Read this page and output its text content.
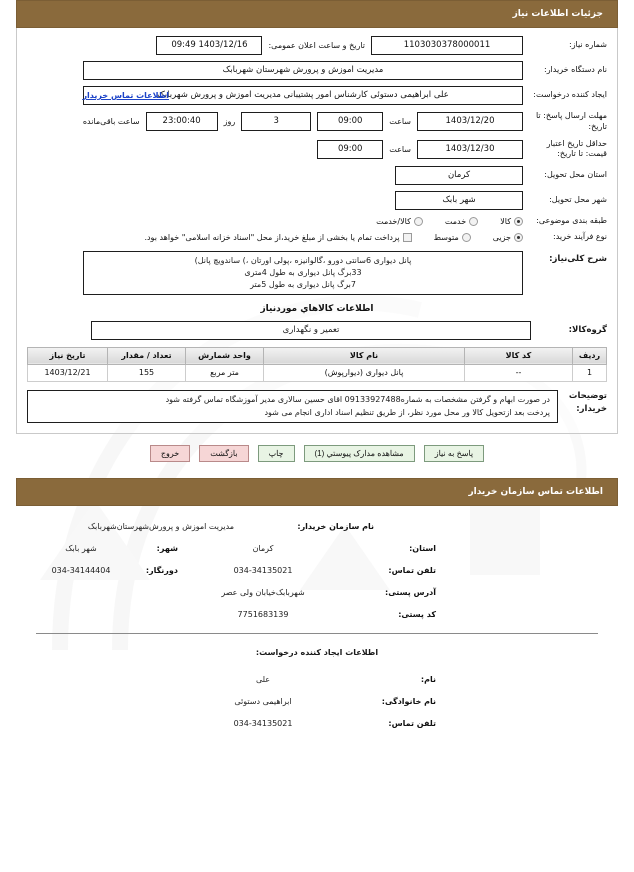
جزئیات اطلاعات نیاز
شماره نیاز:
1103030378000011
تاریخ و ساعت اعلان عمومی:
1403/12/16 09:49
نام دستگاه خریدار:
مدیریت اموزش و پرورش شهرستان شهربابک
ایجاد کننده درخواست:
علی ابراهیمی دستوئی کارشناس امور پشتیبانی مدیریت اموزش و پرورش شهربابک
اطلاعات تماس خریدار
مهلت ارسال پاسخ: تا تاریخ:
1403/12/20
ساعت
09:00
3
روز
23:00:40
ساعت باقی‌مانده
حداقل تاریخ اعتبار قیمت: تا تاریخ:
1403/12/30
ساعت
09:00
استان محل تحویل:
کرمان
شهر محل تحویل:
شهر بابک
طبقه بندی موضوعی:
کالا
خدمت
کالا/خدمت
نوع فرآیند خرید:
جزیی
متوسط
پرداخت تمام یا بخشی از مبلغ خرید،از محل "اسناد خزانه اسلامی" خواهد بود.
شرح کلی‌نیاز:
پانل دیواری 6سانتی دورو ،گالوانیزه ،پولی اورتان ،) ساندویچ پانل)
33برگ پانل دیواری به طول 4متری
7برگ پانل دیواری به طول 5متر
اطلاعات کالاهاي موردنیاز
گروه‌کالا:
تعمیر و نگهداری
ردیف	کد کالا	نام کالا	واحد شمارش	تعداد / مقدار	تاریخ نیاز
1	--	پانل دیواری (دیوارپوش)	متر مربع	155	1403/12/21
توضیحات
خریدار:
در صورت ابهام و گرفتن مشخصات به شماره09133927488 اقای حسین سالاری مدیر آموزشگاه تماس گرفته شود
پردخت بعد از‌تحویل کالا ور محل مورد نظر، از طریق تنظیم اسناد اداری انجام می شود
پاسخ به نیاز
مشاهده مدارک پیوستي (1)
چاپ
بازگشت
خروج
اطلاعات تماس سازمان خریدار
نام سازمان خریدار:
مدیریت اموزش و پرورش‌شهرستان‌شهربابک
استان:
کرمان
شهر:
شهر بابک
تلفن تماس:
034-34135021
دورنگار:
034-34144404
آدرس پستی:
شهربابک‌خیابان ولی عصر
کد پستی:
7751683139
اطلاعات ایجاد کننده درخواست:
نام:
علی
نام خانوادگی:
ابراهیمی دستوئی
تلفن تماس:
034-34135021
